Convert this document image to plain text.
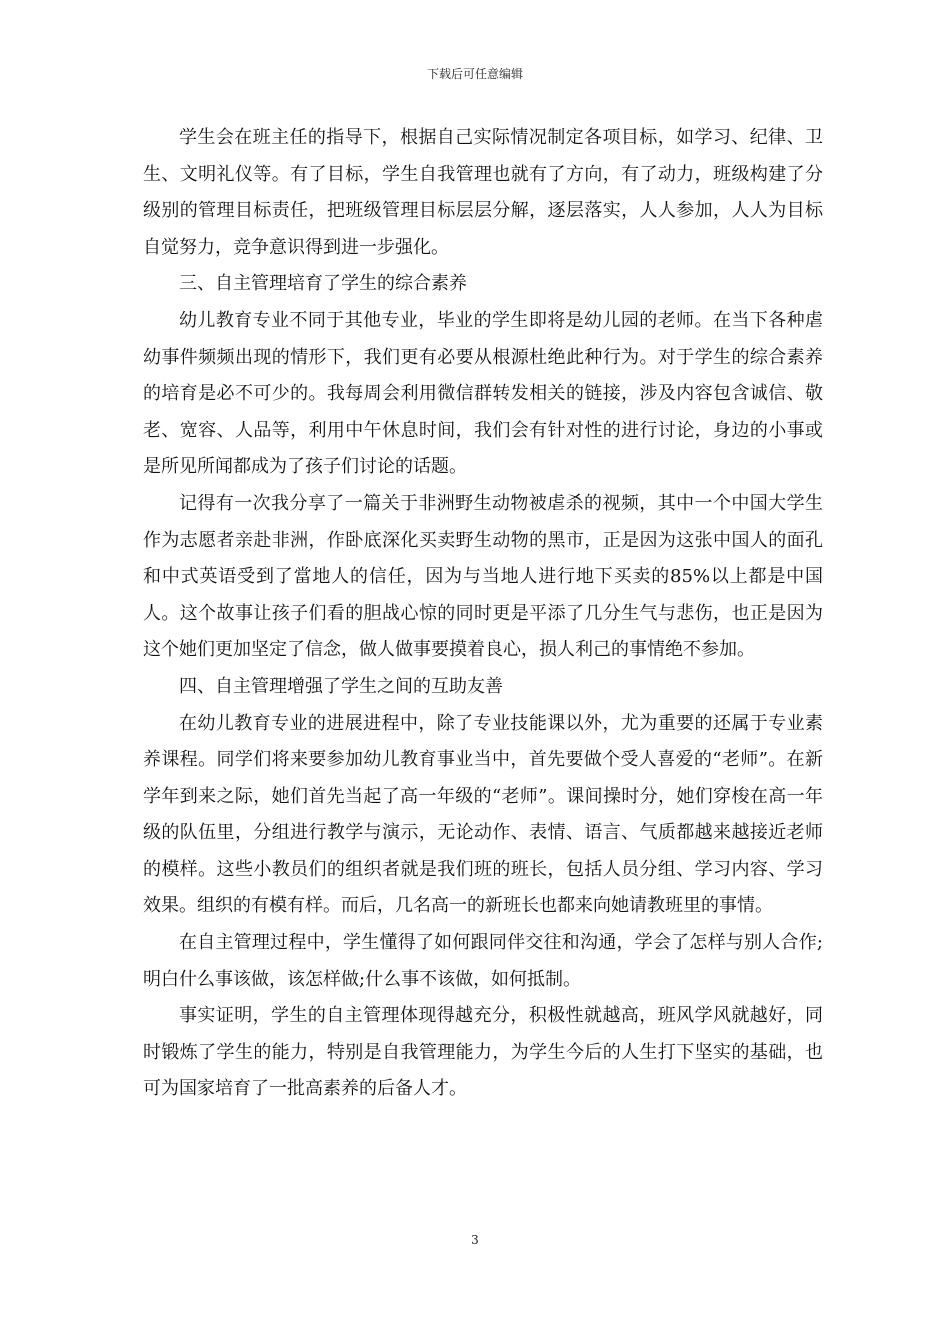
下载后可任意编辑

学生会在班主任的指导下，根据自己实际情况制定各项目标，如学习、纪律、卫生、文明礼仪等。有了目标，学生自我管理也就有了方向，有了动力，班级构建了分级别的管理目标责任，把班级管理目标层层分解，逐层落实，人人参加，人人为目标自觉努力，竞争意识得到进一步强化。

三、自主管理培育了学生的综合素养

幼儿教育专业不同于其他专业，毕业的学生即将是幼儿园的老师。在当下各种虐幼事件频频出现的情形下，我们更有必要从根源杜绝此种行为。对于学生的综合素养的培育是必不可少的。我每周会利用微信群转发相关的链接，涉及内容包含诚信、敬老、宽容、人品等，利用中午休息时间，我们会有针对性的进行讨论，身边的小事或是所见所闻都成为了孩子们讨论的话题。

记得有一次我分享了一篇关于非洲野生动物被虐杀的视频，其中一个中国大学生作为志愿者亲赴非洲，作卧底深化买卖野生动物的黑市，正是因为这张中国人的面孔和中式英语受到了當地人的信任，因为与当地人进行地下买卖的85%以上都是中国人。这个故事让孩子们看的胆战心惊的同时更是平添了几分生气与悲伤，也正是因为这个她们更加坚定了信念，做人做事要摸着良心，损人利己的事情绝不参加。

四、自主管理增强了学生之间的互助友善

在幼儿教育专业的进展进程中，除了专业技能课以外，尤为重要的还属于专业素养课程。同学们将来要参加幼儿教育事业当中，首先要做个受人喜爱的“老师”。在新学年到来之际，她们首先当起了高一年级的“老师”。课间操时分，她们穿梭在高一年级的队伍里，分组进行教学与演示，无论动作、表情、语言、气质都越来越接近老师的模样。这些小教员们的组织者就是我们班的班长，包括人员分组、学习内容、学习效果。组织的有模有样。而后，几名高一的新班长也都来向她请教班里的事情。

在自主管理过程中，学生懂得了如何跟同伴交往和沟通，学会了怎样与别人合作;明白什么事该做，该怎样做;什么事不该做，如何抵制。

事实证明，学生的自主管理体现得越充分，积极性就越高，班风学风就越好，同时锻炼了学生的能力，特别是自我管理能力，为学生今后的人生打下坚实的基础，也可为国家培育了一批高素养的后备人才。

3
